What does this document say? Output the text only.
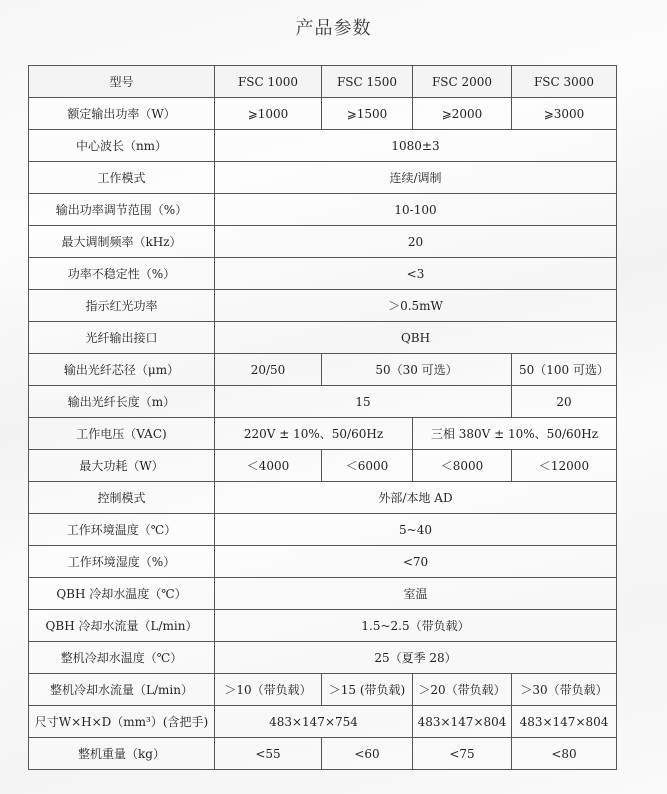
产品参数
型号	FSC 1000	FSC 1500	FSC 2000	FSC 3000
额定输出功率（W）	⩾1000	⩾1500	⩾2000	⩾3000
中心波长（nm）	1080±3			
工作模式	连续/调制			
输出功率调节范围（%）	10-100			
最大调制频率（kHz）	20			
功率不稳定性（%）	<3			
指示红光功率	＞0.5mW			
光纤输出接口	QBH			
输出光纤芯径（μm）	20/50	50（30 可选）		50（100 可选）
输出光纤长度（m）	15			20
工作电压（VAC)	220V ± 10%、50/60Hz		三相 380V ± 10%、50/60Hz	
最大功耗（W）	＜4000	＜6000	＜8000	＜12000
控制模式	外部/本地 AD			
工作环境温度（℃）	5~40			
工作环境湿度（%）	<70			
QBH 冷却水温度（℃）	室温			
QBH 冷却水流量（L/min）	1.5~2.5（带负载）			
整机冷却水温度（℃）	25（夏季 28）			
整机冷却水流量（L/min）	＞10（带负载）	＞15 (带负载)	＞20（带负载）	＞30（带负载）
尺寸W×H×D（mm³）(含把手)	483×147×754		483×147×804	483×147×804
整机重量（kg）	<55	<60	<75	<80
